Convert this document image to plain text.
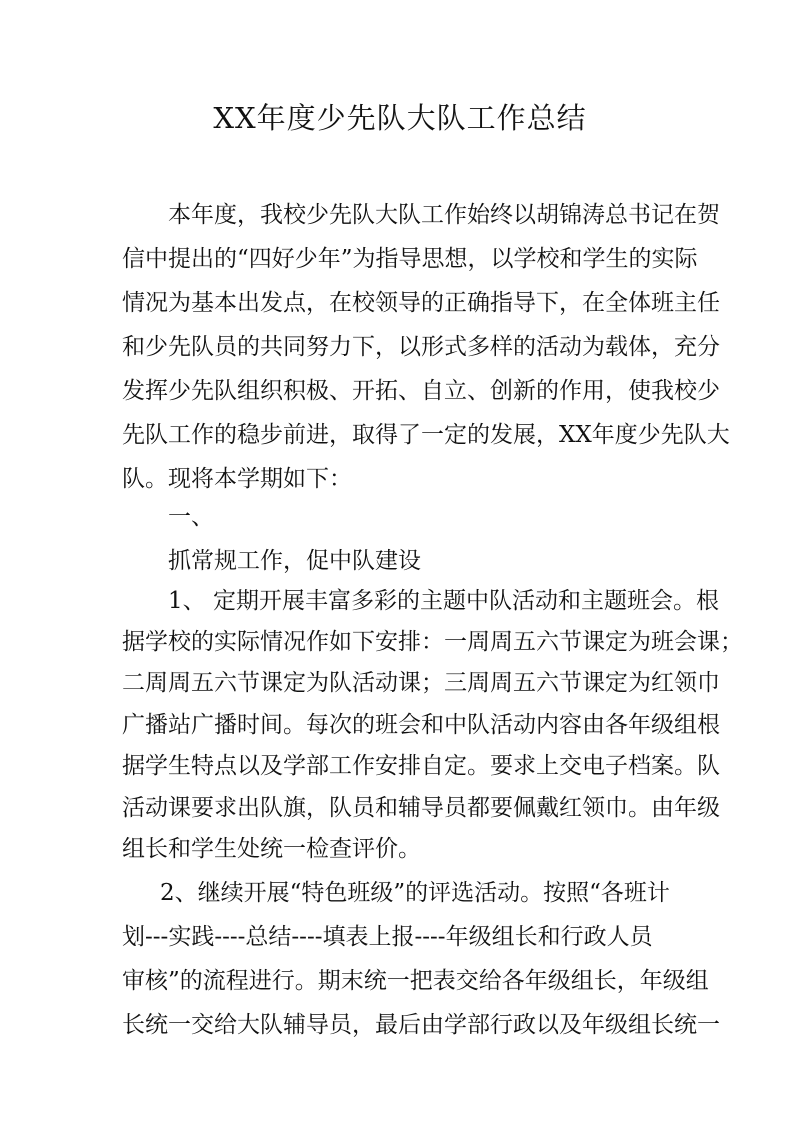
XX年度少先队大队工作总结

本年度，我校少先队大队工作始终以胡锦涛总书记在贺

信中提出的“四好少年”为指导思想，以学校和学生的实际

情况为基本出发点，在校领导的正确指导下，在全体班主任

和少先队员的共同努力下，以形式多样的活动为载体，充分

发挥少先队组织积极、开拓、自立、创新的作用，使我校少

先队工作的稳步前进，取得了一定的发展，XX年度少先队大

队。现将本学期如下：

一、

抓常规工作，促中队建设

1、 定期开展丰富多彩的主题中队活动和主题班会。根

据学校的实际情况作如下安排：一周周五六节课定为班会课；

二周周五六节课定为队活动课；三周周五六节课定为红领巾

广播站广播时间。每次的班会和中队活动内容由各年级组根

据学生特点以及学部工作安排自定。要求上交电子档案。队

活动课要求出队旗，队员和辅导员都要佩戴红领巾。由年级

组长和学生处统一检查评价。

2、继续开展“特色班级”的评选活动。按照“各班计

划---实践----总结----填表上报----年级组长和行政人员

审核”的流程进行。期末统一把表交给各年级组长，年级组

长统一交给大队辅导员，最后由学部行政以及年级组长统一
